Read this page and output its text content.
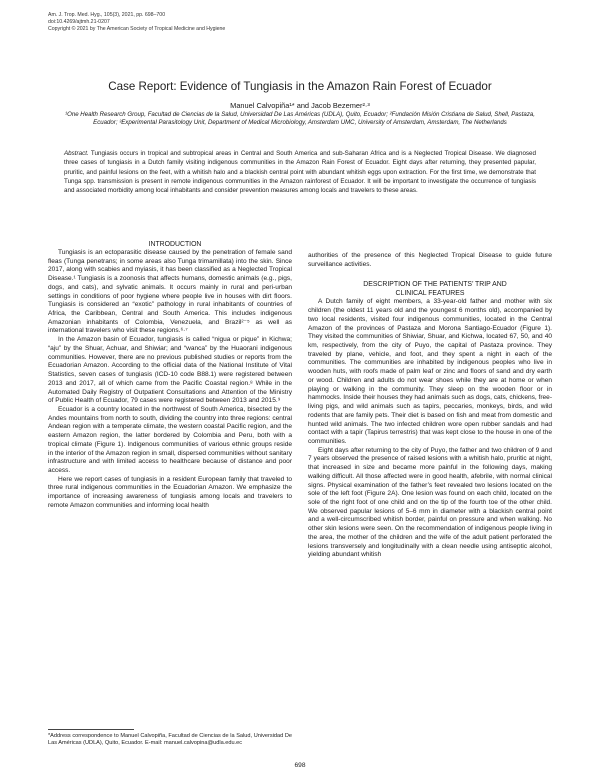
Am. J. Trop. Med. Hyg., 105(3), 2021, pp. 698–700
doi:10.4269/ajtmh.21-0207
Copyright © 2021 by The American Society of Tropical Medicine and Hygiene
Case Report: Evidence of Tungiasis in the Amazon Rain Forest of Ecuador
Manuel Calvopiña¹* and Jacob Bezemer²·³
¹One Health Research Group, Facultad de Ciencias de la Salud, Universidad De Las Américas (UDLA), Quito, Ecuador; ²Fundación Misión Cristiana de Salud, Shell, Pastaza, Ecuador; ³Experimental Parasitology Unit, Department of Medical Microbiology, Amsterdam UMC, University of Amsterdam, Amsterdam, The Netherlands
Abstract. Tungiasis occurs in tropical and subtropical areas in Central and South America and sub-Saharan Africa and is a Neglected Tropical Disease. We diagnosed three cases of tungiasis in a Dutch family visiting indigenous communities in the Amazon Rain Forest of Ecuador. Eight days after returning, they presented papular, pruritic, and painful lesions on the feet, with a whitish halo and a blackish central point with abundant whitish eggs upon extraction. For the first time, we demonstrate that Tunga spp. transmission is present in remote indigenous communities in the Amazon rainforest of Ecuador. It will be important to investigate the occurrence of tungiasis and associated morbidity among local inhabitants and consider prevention measures among locals and travelers to these areas.

INTRODUCTION

Tungiasis is an ectoparasitic disease caused by the penetration of female sand fleas (Tunga penetrans; in some areas also Tunga trimamillata) into the skin. Since 2017, along with scabies and myiasis, it has been classified as a Neglected Tropical Disease.¹ Tungiasis is a zoonosis that affects humans, domestic animals (e.g., pigs, dogs, and cats), and sylvatic animals. It occurs mainly in rural and peri-urban settings in conditions of poor hygiene where people live in houses with dirt floors. Tungiasis is considered an “exotic” pathology in rural inhabitants of countries of Africa, the Caribbean, Central and South America. This includes indigenous Amazonian inhabitants of Colombia, Venezuela, and Brazil²⁻⁵ as well as international travelers who visit these regions.⁶·⁷

In the Amazon basin of Ecuador, tungiasis is called “nigua or pique” in Kichwa; “aju” by the Shuar, Achuar, and Shiwiar; and “wanca” by the Huaorani indigenous communities. However, there are no previous published studies or reports from the Ecuadorian Amazon. According to the official data of the National Institute of Vital Statistics, seven cases of tungiasis (ICD-10 code B88.1) were registered between 2013 and 2017, all of which came from the Pacific Coastal region.⁸ While in the Automated Daily Registry of Outpatient Consultations and Attention of the Ministry of Public Health of Ecuador, 79 cases were registered between 2013 and 2015.⁹

Ecuador is a country located in the northwest of South America, bisected by the Andes mountains from north to south, dividing the country into three regions: central Andean region with a temperate climate, the western coastal Pacific region, and the eastern Amazon region, the latter bordered by Colombia and Peru, both with a tropical climate (Figure 1). Indigenous communities of various ethnic groups reside in the interior of the Amazon region in small, dispersed communities without sanitary infrastructure and with limited access to healthcare because of distance and poor access.

Here we report cases of tungiasis in a resident European family that traveled to three rural indigenous communities in the Ecuadorian Amazon. We emphasize the importance of increasing awareness of tungiasis among locals and travelers to remote Amazon communities and informing local health

authorities of the presence of this Neglected Tropical Disease to guide future surveillance activities.

DESCRIPTION OF THE PATIENTS’ TRIP AND CLINICAL FEATURES

A Dutch family of eight members, a 33-year-old father and mother with six children (the oldest 11 years old and the youngest 6 months old), accompanied by two local residents, visited four indigenous communities, located in the Central Amazon of the provinces of Pastaza and Morona Santiago-Ecuador (Figure 1). They visited the communities of Shiwiar, Shuar, and Kichwa, located 67, 50, and 40 km, respectively, from the city of Puyo, the capital of Pastaza province. They traveled by plane, vehicle, and foot, and they spent a night in each of the communities. The communities are inhabited by indigenous peoples who live in wooden huts, with roofs made of palm leaf or zinc and floors of sand and dry earth or wood. Children and adults do not wear shoes while they are at home or when playing or walking in the community. They sleep on the wooden floor or in hammocks. Inside their houses they had animals such as dogs, cats, chickens, free-living pigs, and wild animals such as tapirs, peccaries, monkeys, birds, and wild rodents that are family pets. Their diet is based on fish and meat from domestic and hunted wild animals. The two infected children wore open rubber sandals and had contact with a tapir (Tapirus terrestris) that was kept close to the house in one of the communities.

Eight days after returning to the city of Puyo, the father and two children of 9 and 7 years observed the presence of raised lesions with a whitish halo, pruritic at night, that increased in size and became more painful in the following days, making walking difficult. All those affected were in good health, afebrile, with normal clinical signs. Physical examination of the father’s feet revealed two lesions located on the sole of the left foot (Figure 2A). One lesion was found on each child, located on the sole of the right foot of one child and on the tip of the fourth toe of the other child. We observed papular lesions of 5–6 mm in diameter with a blackish central point and a well-circumscribed whitish border, painful on pressure and when walking. No other skin lesions were seen. On the recommendation of indigenous people living in the area, the mother of the children and the wife of the adult patient perforated the lesions transversely and longitudinally with a clean needle using antiseptic alcohol, yielding abundant whitish

*Address correspondence to Manuel Calvopiña, Facultad de Ciencias de la Salud, Universidad De Las Américas (UDLA), Quito, Ecuador. E-mail: manuel.calvopina@udla.edu.ec
698
